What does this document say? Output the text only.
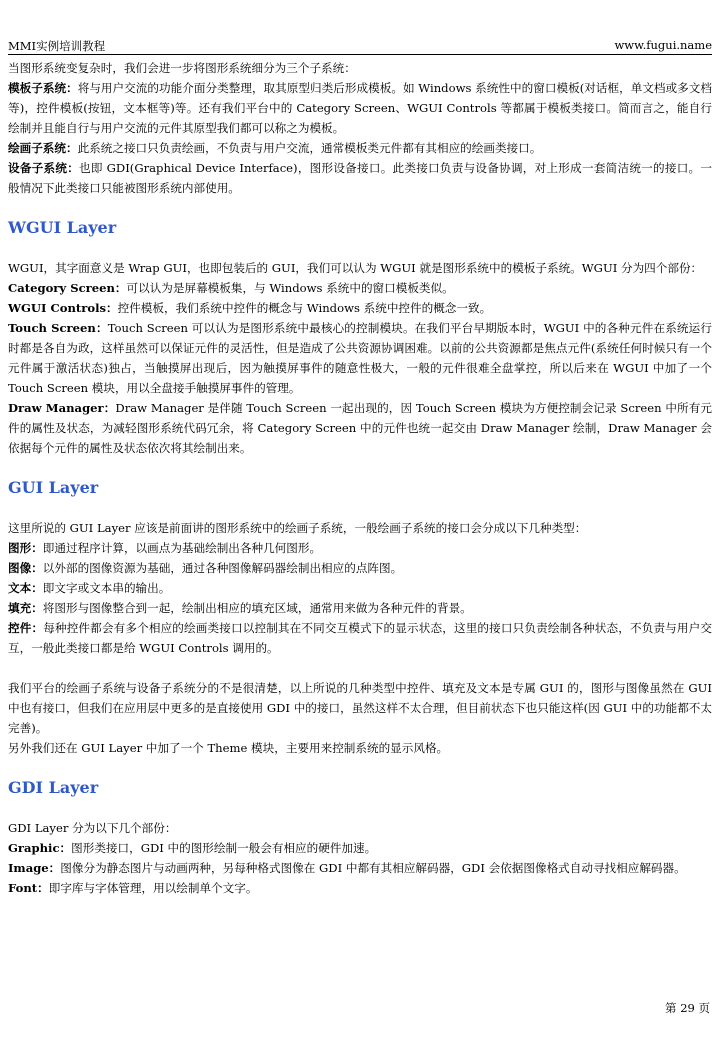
MMI实例培训教程	www.fugui.name

当图形系统变复杂时，我们会进一步将图形系统细分为三个子系统：

模板子系统：将与用户交流的功能介面分类整理，取其原型归类后形成模板。如 Windows 系统性中的窗口模板(对话框，单文档或多文档等)，控件模板(按钮，文本框等)等。还有我们平台中的 Category Screen、WGUI Controls 等都属于模板类接口。简而言之，能自行绘制并且能自行与用户交流的元件其原型我们都可以称之为模板。

绘画子系统：此系统之接口只负责绘画，不负责与用户交流，通常模板类元件都有其相应的绘画类接口。

设备子系统：也即 GDI(Graphical Device Interface)，图形设备接口。此类接口负责与设备协调，对上形成一套简洁统一的接口。一般情况下此类接口只能被图形系统内部使用。

WGUI Layer

WGUI，其字面意义是 Wrap GUI，也即包装后的 GUI，我们可以认为 WGUI 就是图形系统中的模板子系统。WGUI 分为四个部份：

Category Screen：可以认为是屏幕模板集，与 Windows 系统中的窗口模板类似。

WGUI Controls：控件模板，我们系统中控件的概念与 Windows 系统中控件的概念一致。

Touch Screen：Touch Screen 可以认为是图形系统中最核心的控制模块。在我们平台早期版本时，WGUI 中的各种元件在系统运行时都是各自为政，这样虽然可以保证元件的灵活性，但是造成了公共资源协调困难。以前的公共资源都是焦点元件(系统任何时候只有一个元件属于激活状态)独占，当触摸屏出现后，因为触摸屏事件的随意性极大，一般的元件很难全盘掌控，所以后来在 WGUI 中加了一个 Touch Screen 模块，用以全盘接手触摸屏事件的管理。

Draw Manager：Draw Manager 是伴随 Touch Screen 一起出现的，因 Touch Screen 模块为方便控制会记录 Screen 中所有元件的属性及状态，为减轻图形系统代码冗余，将 Category Screen 中的元件也统一起交由 Draw Manager 绘制，Draw Manager 会依据每个元件的属性及状态依次将其绘制出来。

GUI Layer

这里所说的 GUI Layer 应该是前面讲的图形系统中的绘画子系统，一般绘画子系统的接口会分成以下几种类型：

图形：即通过程序计算，以画点为基础绘制出各种几何图形。

图像：以外部的图像资源为基础，通过各种图像解码器绘制出相应的点阵图。

文本：即文字或文本串的输出。

填充：将图形与图像整合到一起，绘制出相应的填充区域，通常用来做为各种元件的背景。

控件：每种控件都会有多个相应的绘画类接口以控制其在不同交互模式下的显示状态，这里的接口只负责绘制各种状态，不负责与用户交互，一般此类接口都是给 WGUI Controls 调用的。

我们平台的绘画子系统与设备子系统分的不是很清楚，以上所说的几种类型中控件、填充及文本是专属 GUI 的，图形与图像虽然在 GUI 中也有接口，但我们在应用层中更多的是直接使用 GDI 中的接口，虽然这样不太合理，但目前状态下也只能这样(因 GUI 中的功能都不太完善)。

另外我们还在 GUI Layer 中加了一个 Theme 模块，主要用来控制系统的显示风格。

GDI Layer

GDI Layer 分为以下几个部份：

Graphic：图形类接口，GDI 中的图形绘制一般会有相应的硬件加速。

Image：图像分为静态图片与动画两种，另每种格式图像在 GDI 中都有其相应解码器，GDI 会依据图像格式自动寻找相应解码器。

Font：即字库与字体管理，用以绘制单个文字。

第 29 页
